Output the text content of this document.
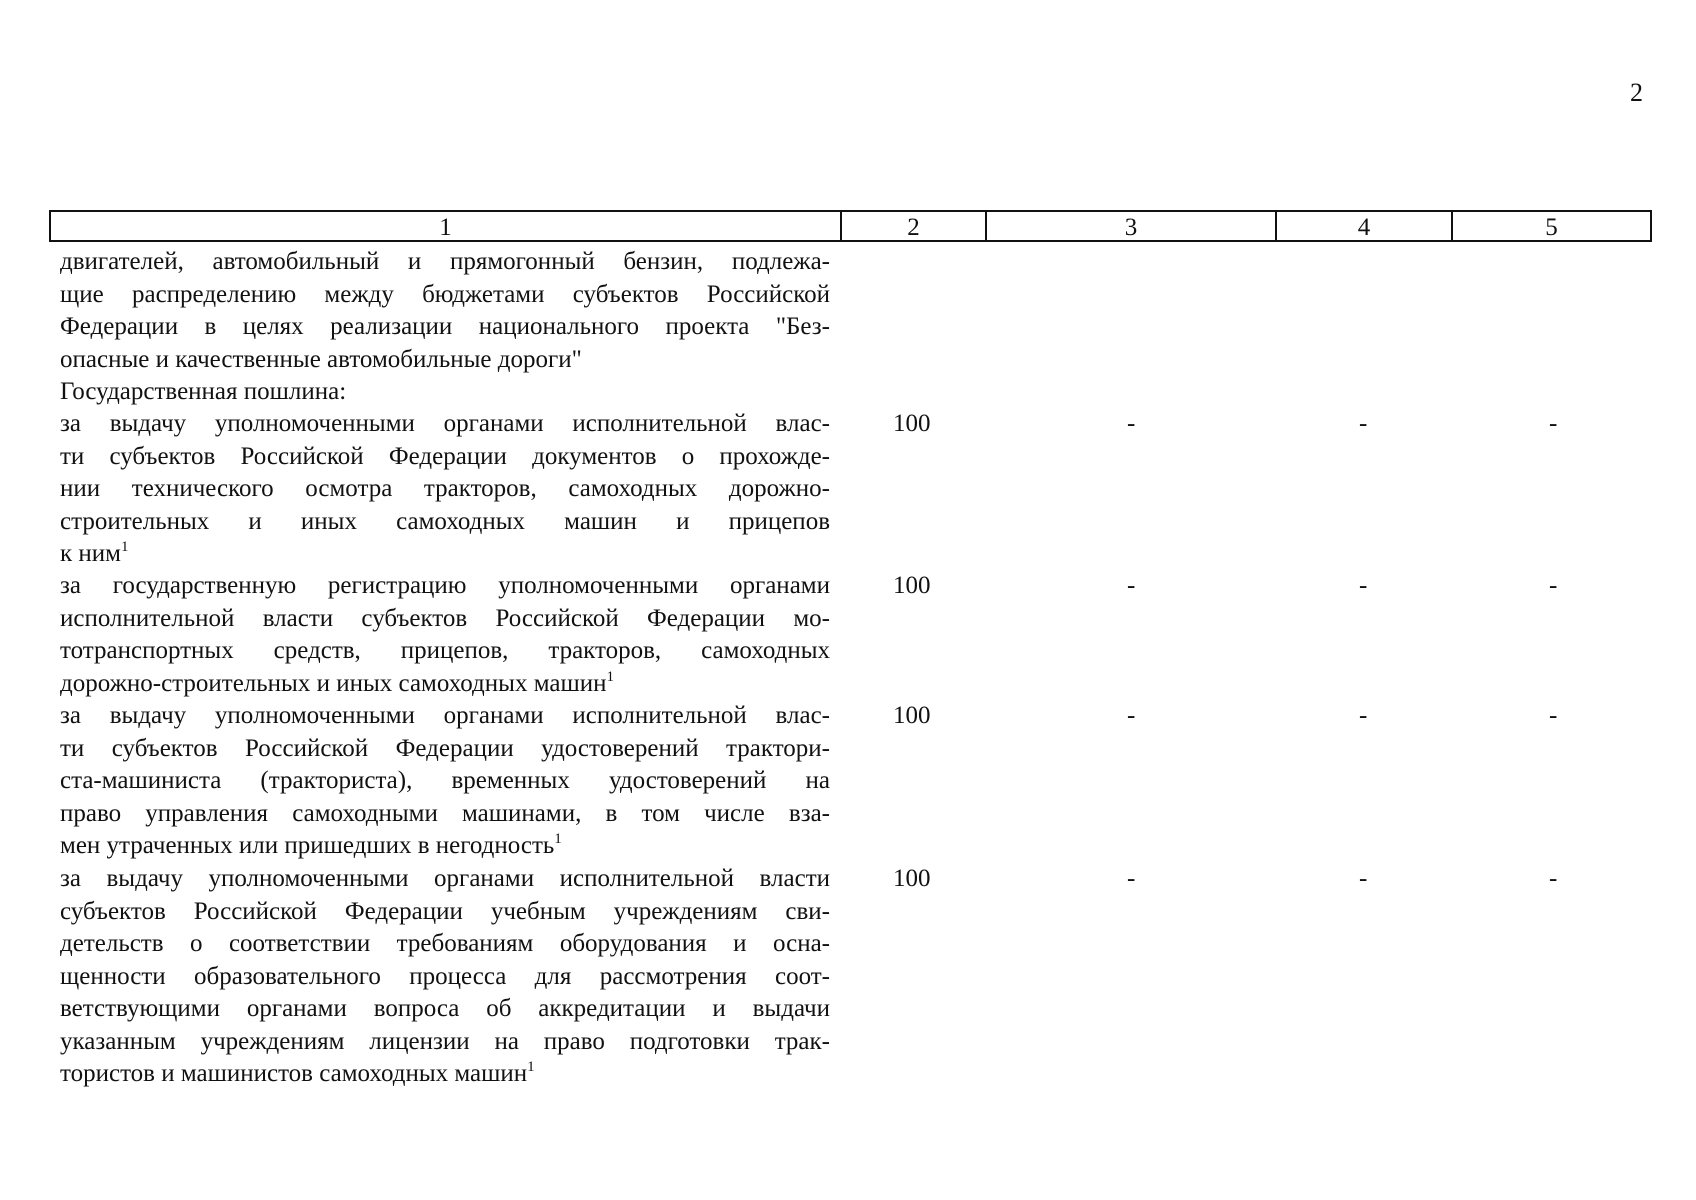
2
1	2	3	4	5
двигателей, автомобильный и прямогонный бензин, подлежа-
щие распределению между бюджетами субъектов Российской
Федерации в целях реализации национального проекта "Без-
опасные и качественные автомобильные дороги"
Государственная пошлина:
за выдачу уполномоченными органами исполнительной влас-
ти субъектов Российской Федерации документов о прохожде-
нии технического осмотра тракторов, самоходных дорожно-
строительных и иных самоходных машин и прицепов
к ним$^1$
100	-	-	-
за государственную регистрацию уполномоченными органами
исполнительной власти субъектов Российской Федерации мо-
тотранспортных средств, прицепов, тракторов, самоходных
дорожно-строительных и иных самоходных машин$^1$
100	-	-	-
за выдачу уполномоченными органами исполнительной влас-
ти субъектов Российской Федерации удостоверений трактори-
ста-машиниста (тракториста), временных удостоверений на
право управления самоходными машинами, в том числе вза-
мен утраченных или пришедших в негодность$^1$
100	-	-	-
за выдачу уполномоченными органами исполнительной власти
субъектов Российской Федерации учебным учреждениям сви-
детельств о соответствии требованиям оборудования и осна-
щенности образовательного процесса для рассмотрения соот-
ветствующими органами вопроса об аккредитации и выдачи
указанным учреждениям лицензии на право подготовки трак-
тористов и машинистов самоходных машин$^1$
100	-	-	-
